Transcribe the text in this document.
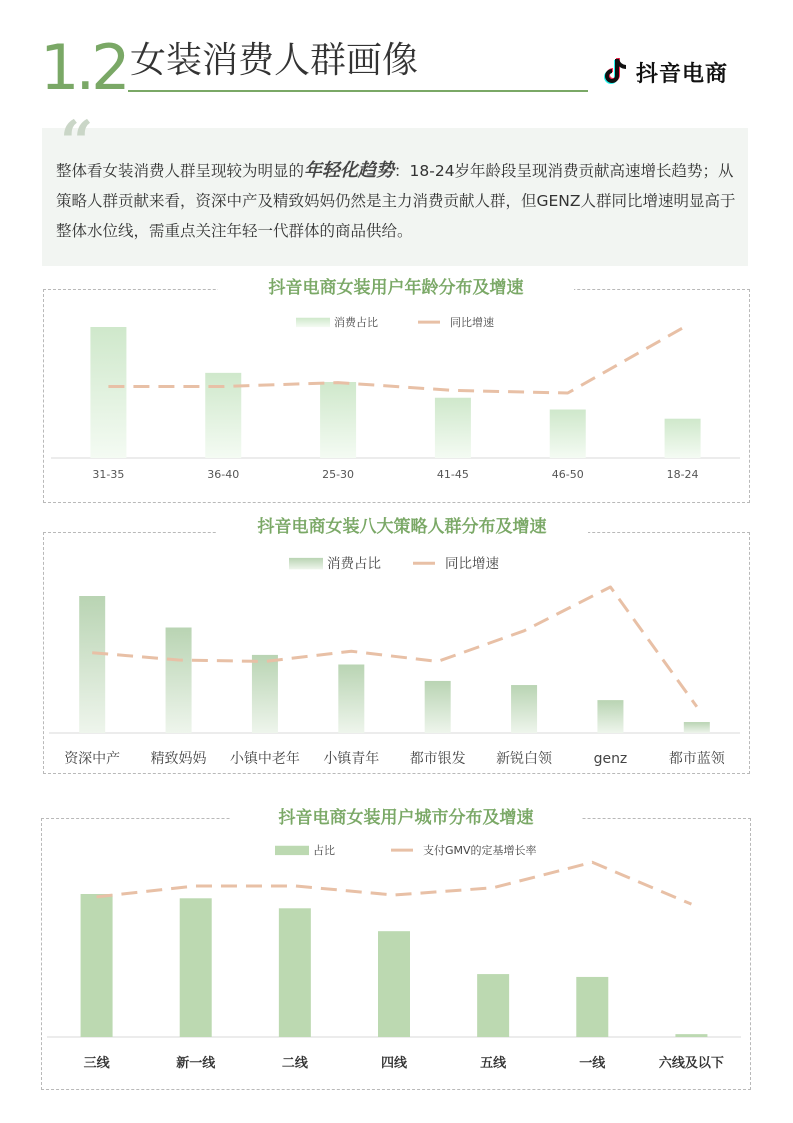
1.2 女装消费人群画像	抖音电商
“
整体看女装消费人群呈现较为明显的年轻化趋势：18-24岁年龄段呈现消费贡献高速增长趋势；从策略人群贡献来看，资深中产及精致妈妈仍然是主力消费贡献人群，但GENZ人群同比增速明显高于整体水位线，需重点关注年轻一代群体的商品供给。
抖音电商女装用户年龄分布及增速
31-35	36-40	25-30	41-45	46-50	18-24
消费占比	同比增速
抖音电商女装八大策略人群分布及增速
资深中产 精致妈妈 小镇中老年 小镇青年 都市银发 新锐白领	genz	都市蓝领
消费占比	同比增速
抖音电商女装用户城市分布及增速
三线	新一线	二线	四线	五线	一线	六线及以下
占比	支付GMV的定基增长率
